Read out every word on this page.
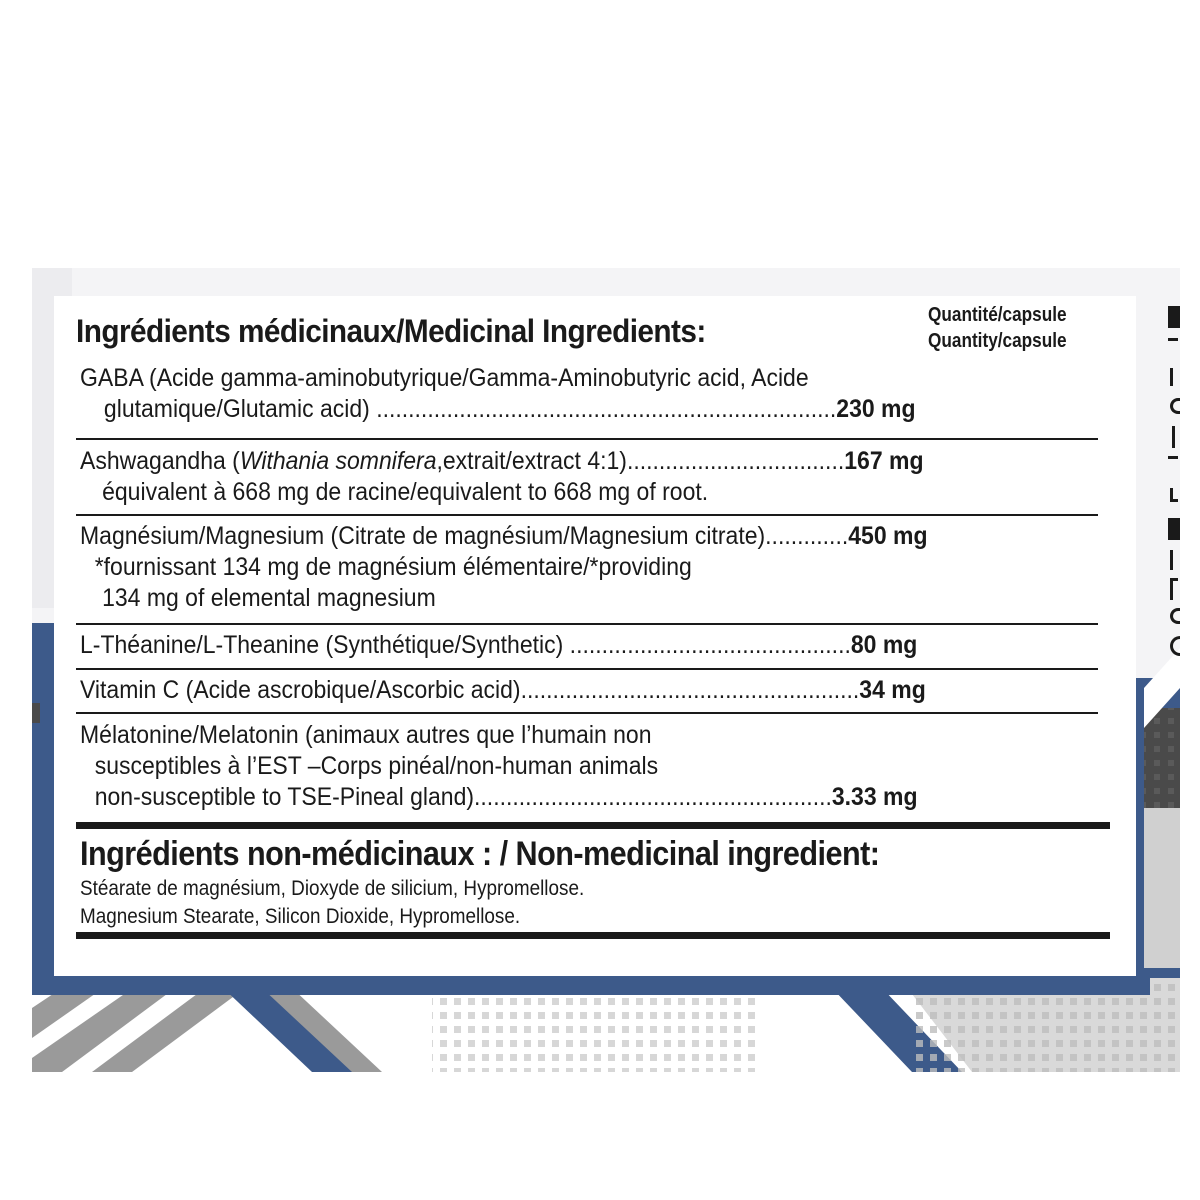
Ingrédients médicinaux/Medicinal Ingredients:	Quantité/capsule
Quantity/capsule
GABA (Acide gamma-aminobutyrique/Gamma-Aminobutyric acid, Acide
glutamique/Glutamic acid) ........................................................................230 mg
Ashwagandha (Withania somnifera,extrait/extract 4:1)..................................167 mg
équivalent à 668 mg de racine/equivalent to 668 mg of root.
Magnésium/Magnesium (Citrate de magnésium/Magnesium citrate).............450 mg
*fournissant 134 mg de magnésium élémentaire/*providing
134 mg of elemental magnesium
L-Théanine/L-Theanine (Synthétique/Synthetic) ............................................80 mg
Vitamin C (Acide ascrobique/Ascorbic acid).....................................................34 mg
Mélatonine/Melatonin (animaux autres que l’humain non
susceptibles à l’EST –Corps pinéal/non-human animals
non-susceptible to TSE-Pineal gland)........................................................3.33 mg
Ingrédients non-médicinaux : / Non-medicinal ingredient:
Stéarate de magnésium, Dioxyde de silicium, Hypromellose.
Magnesium Stearate, Silicon Dioxide, Hypromellose.
